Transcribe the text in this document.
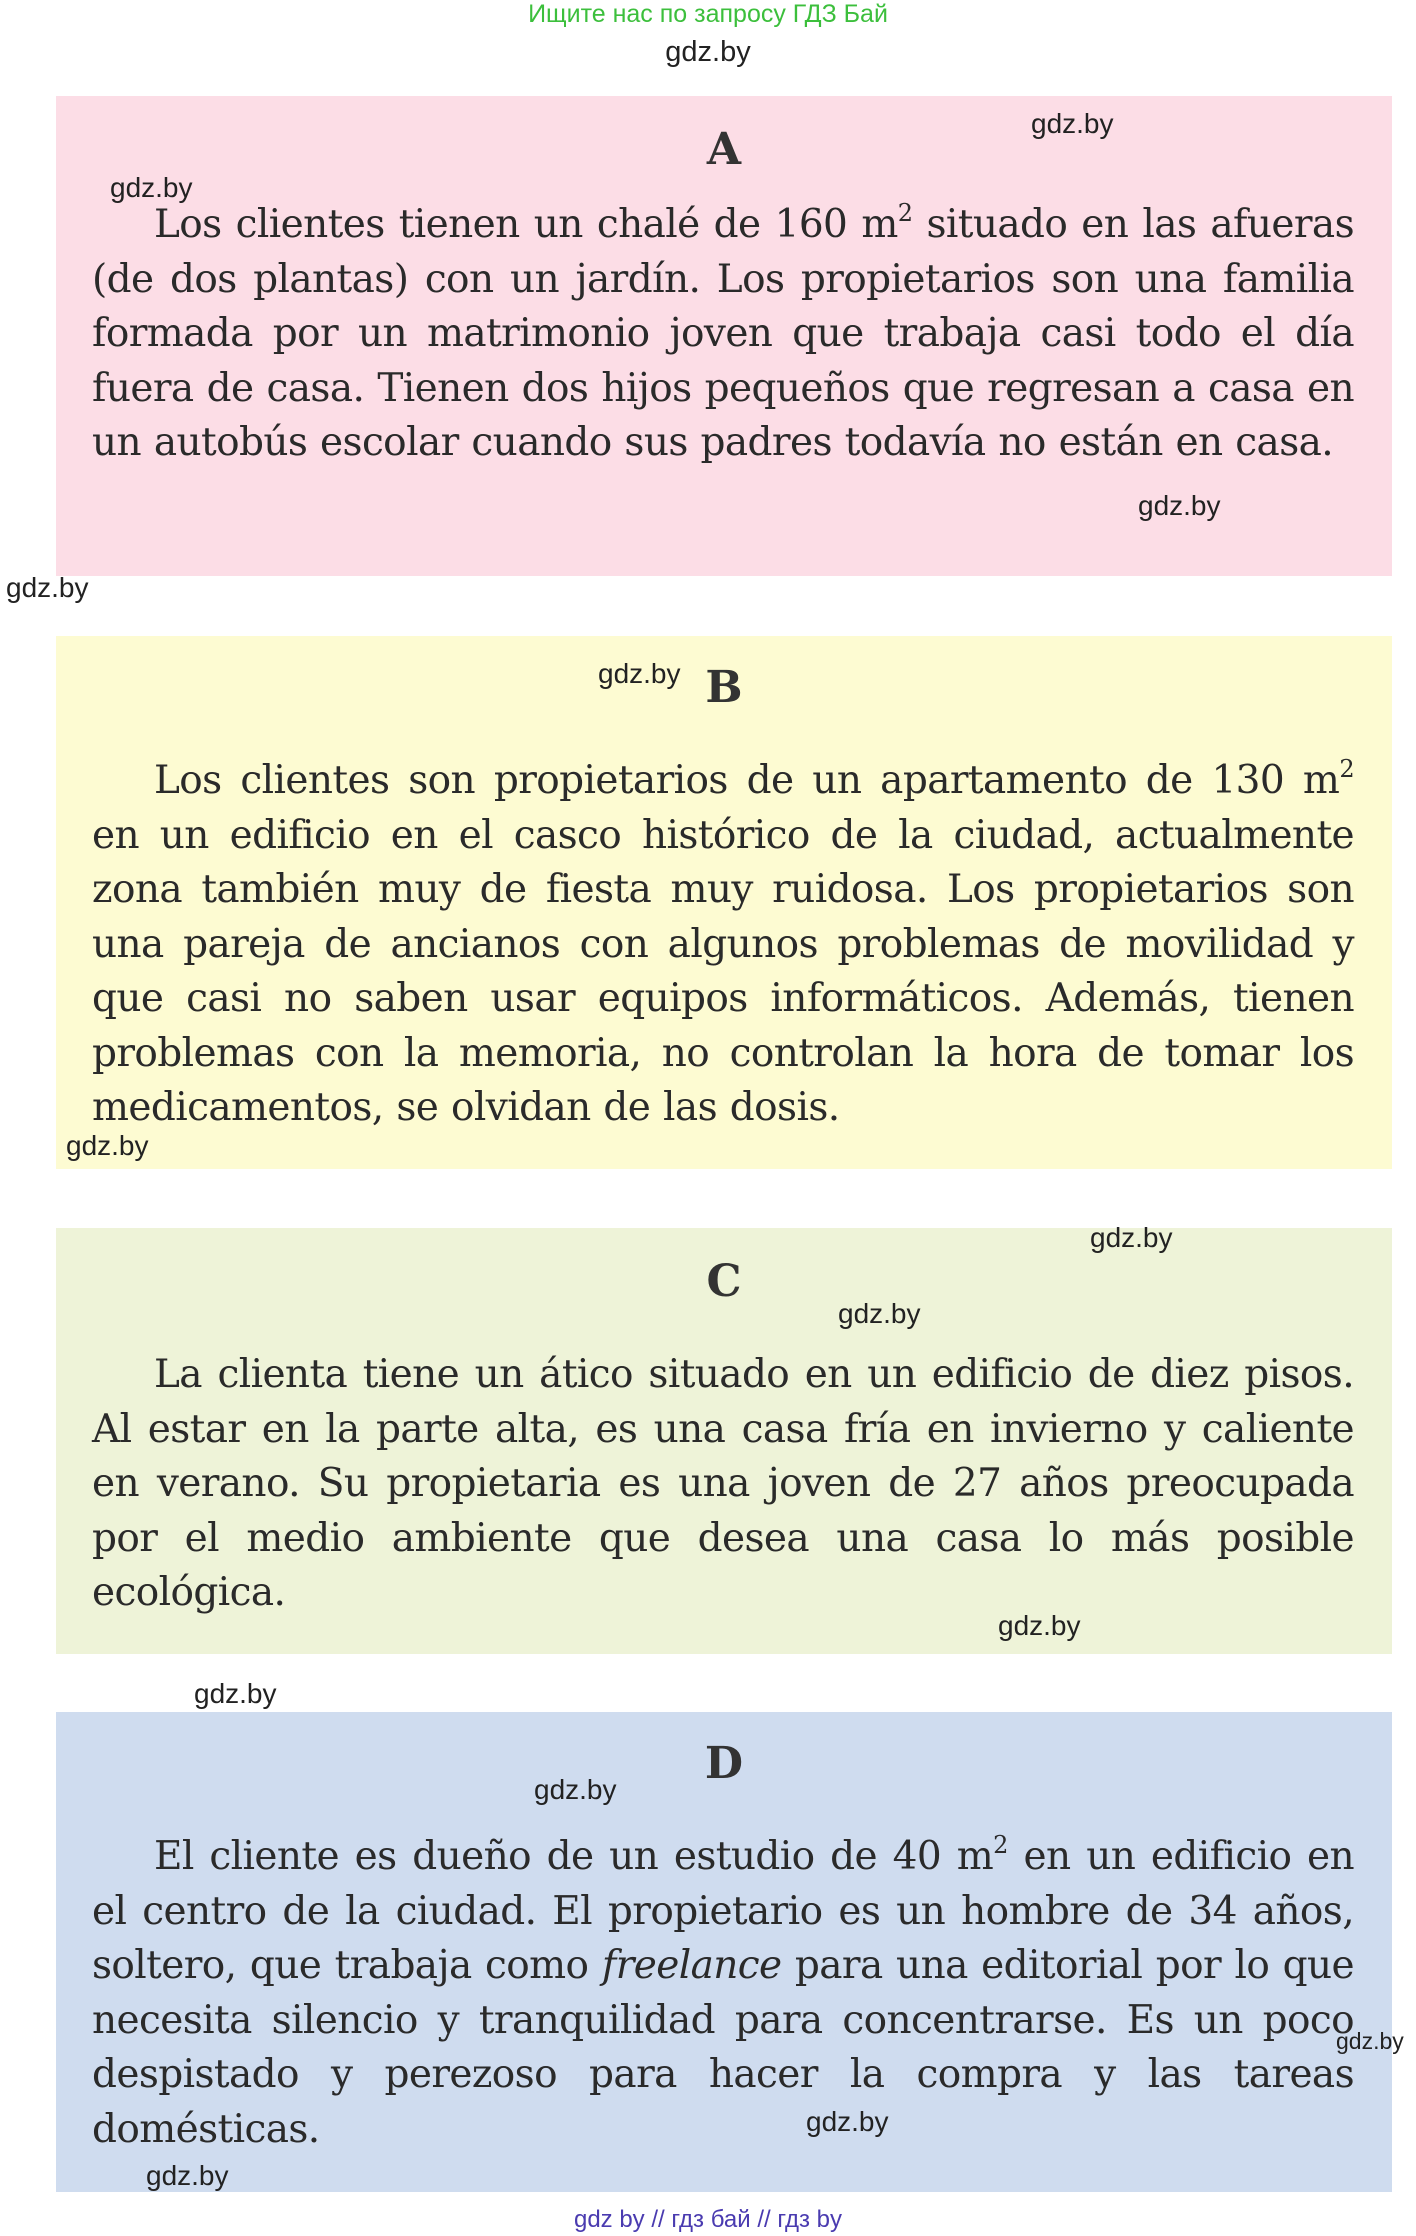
Ищите нас по запросу ГДЗ Бай
gdz.by
A

Los clientes tienen un chalé de 160 $m^2$ situado en las afueras (de dos plantas) con un jardín. Los propietarios son una familia formada por un matrimonio joven que trabaja casi todo el día fuera de casa. Tienen dos hijos pequeños que regresan a casa en un autobús escolar cuando sus padres todavía no están en casa.

B

Los clientes son propietarios de un apartamento de 130 $m^2$ en un edificio en el casco histórico de la ciudad, actualmente zona también muy de fiesta muy ruidosa. Los propietarios son una pareja de ancianos con algunos problemas de movilidad y que casi no saben usar equipos informáticos. Además, tienen problemas con la memoria, no controlan la hora de tomar los medicamentos, se olvidan de las dosis.

C

La clienta tiene un ático situado en un edificio de diez pisos. Al estar en la parte alta, es una casa fría en invierno y caliente en verano. Su propietaria es una joven de 27 años preocupada por el medio ambiente que desea una casa lo más posible ecológica.

D

El cliente es dueño de un estudio de 40 $m^2$ en un edificio en el centro de la ciudad. El propietario es un hombre de 34 años, soltero, que trabaja como freelance para una editorial por lo que necesita silencio y tranquilidad para concentrarse. Es un poco despistado y perezoso para hacer la compra y las tareas domésticas.

gdz.by
gdz.by
gdz.by
gdz.by
gdz.by
gdz.by
gdz.by
gdz.by
gdz.by
gdz.by
gdz.by
gdz.by
gdz.by
gdz.by
gdz by // гдз бай // гдз by
